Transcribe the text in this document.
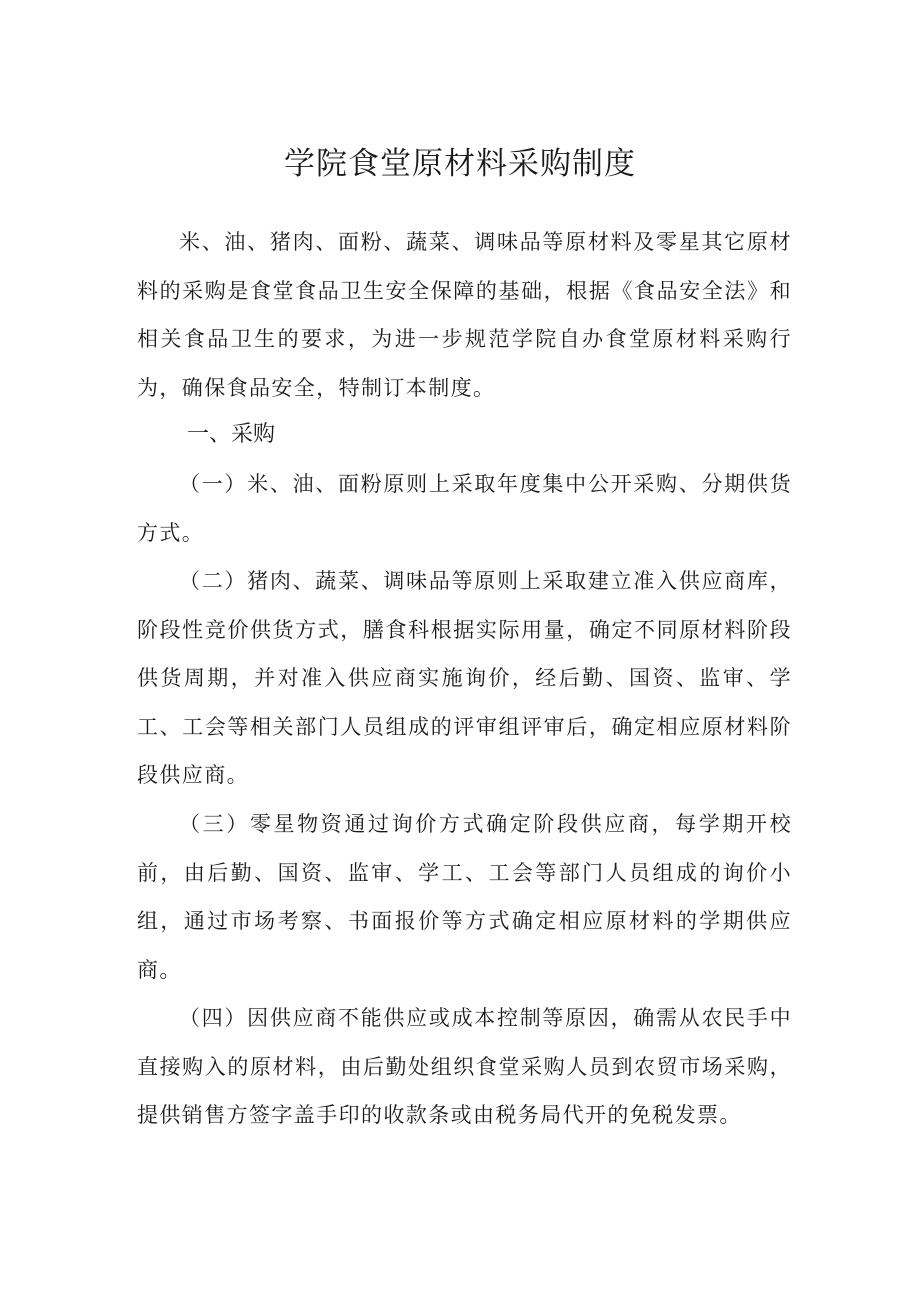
学院食堂原材料采购制度

米、油、猪肉、面粉、蔬菜、调味品等原材料及零星其它原材料的采购是食堂食品卫生安全保障的基础，根据《食品安全法》和相关食品卫生的要求，为进一步规范学院自办食堂原材料采购行为，确保食品安全，特制订本制度。

一、采购

（一）米、油、面粉原则上采取年度集中公开采购、分期供货方式。

（二）猪肉、蔬菜、调味品等原则上采取建立准入供应商库，阶段性竞价供货方式，膳食科根据实际用量，确定不同原材料阶段供货周期，并对准入供应商实施询价，经后勤、国资、监审、学工、工会等相关部门人员组成的评审组评审后，确定相应原材料阶段供应商。

（三）零星物资通过询价方式确定阶段供应商，每学期开校前，由后勤、国资、监审、学工、工会等部门人员组成的询价小组，通过市场考察、书面报价等方式确定相应原材料的学期供应商。

（四）因供应商不能供应或成本控制等原因，确需从农民手中直接购入的原材料，由后勤处组织食堂采购人员到农贸市场采购，提供销售方签字盖手印的收款条或由税务局代开的免税发票。
